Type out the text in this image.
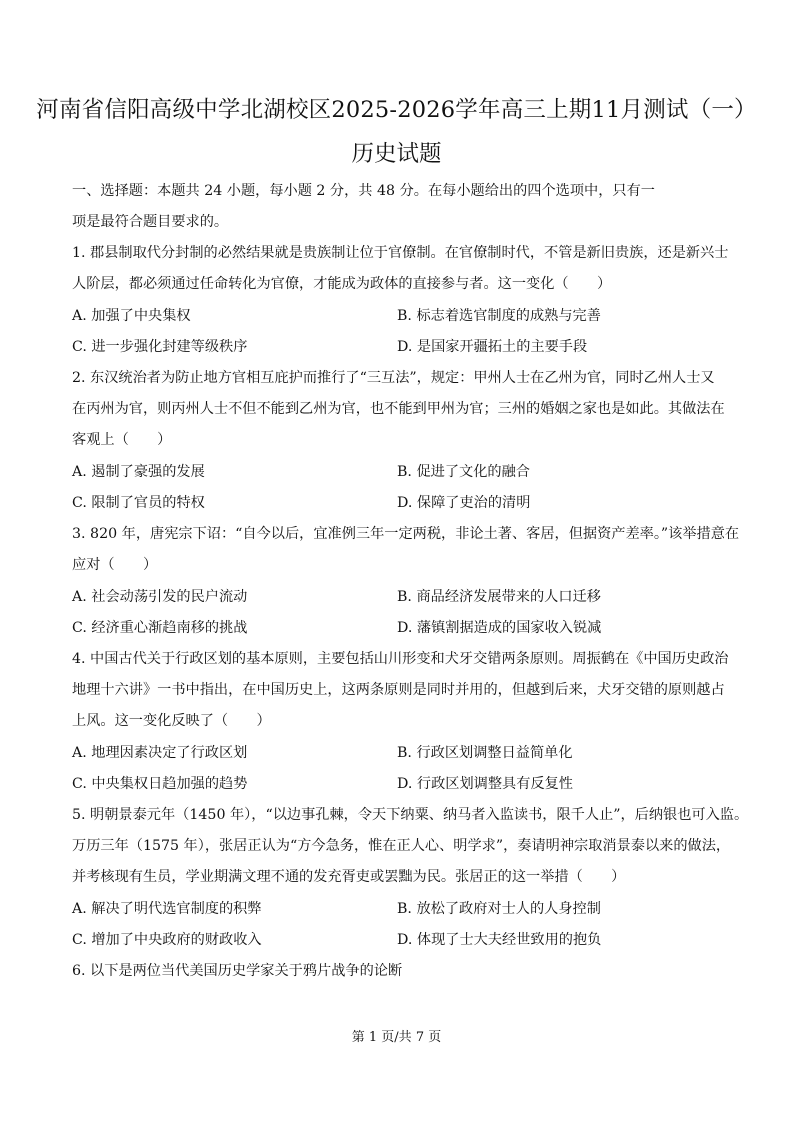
河南省信阳高级中学北湖校区2025-2026学年高三上期11月测试（一）
历史试题
一、选择题：本题共 24 小题，每小题 2 分，共 48 分。在每小题给出的四个选项中，只有一
项是最符合题目要求的。
1. 郡县制取代分封制的必然结果就是贵族制让位于官僚制。在官僚制时代，不管是新旧贵族，还是新兴士
人阶层，都必须通过任命转化为官僚，才能成为政体的直接参与者。这一变化（　　）
A. 加强了中央集权	B. 标志着选官制度的成熟与完善
C. 进一步强化封建等级秩序	D. 是国家开疆拓土的主要手段
2. 东汉统治者为防止地方官相互庇护而推行了“三互法”，规定：甲州人士在乙州为官，同时乙州人士又
在丙州为官，则丙州人士不但不能到乙州为官，也不能到甲州为官；三州的婚姻之家也是如此。其做法在
客观上（　　）
A. 遏制了豪强的发展	B. 促进了文化的融合
C. 限制了官员的特权	D. 保障了吏治的清明
3. 820 年，唐宪宗下诏：“自今以后，宜准例三年一定两税，非论土著、客居，但据资产差率。”该举措意在
应对（　　）
A. 社会动荡引发的民户流动	B. 商品经济发展带来的人口迁移
C. 经济重心渐趋南移的挑战	D. 藩镇割据造成的国家收入锐减
4. 中国古代关于行政区划的基本原则，主要包括山川形变和犬牙交错两条原则。周振鹤在《中国历史政治
地理十六讲》一书中指出，在中国历史上，这两条原则是同时并用的，但越到后来，犬牙交错的原则越占
上风。这一变化反映了（　　）
A. 地理因素决定了行政区划	B. 行政区划调整日益简单化
C. 中央集权日趋加强的趋势	D. 行政区划调整具有反复性
5. 明朝景泰元年（1450 年），“以边事孔棘，令天下纳粟、纳马者入监读书，限千人止”，后纳银也可入监。
万历三年（1575 年），张居正认为“方今急务，惟在正人心、明学求”，奏请明神宗取消景泰以来的做法，
并考核现有生员，学业期满文理不通的发充胥吏或罢黜为民。张居正的这一举措（　　）
A. 解决了明代选官制度的积弊	B. 放松了政府对士人的人身控制
C. 增加了中央政府的财政收入	D. 体现了士大夫经世致用的抱负
6. 以下是两位当代美国历史学家关于鸦片战争的论断
第 1 页/共 7 页
